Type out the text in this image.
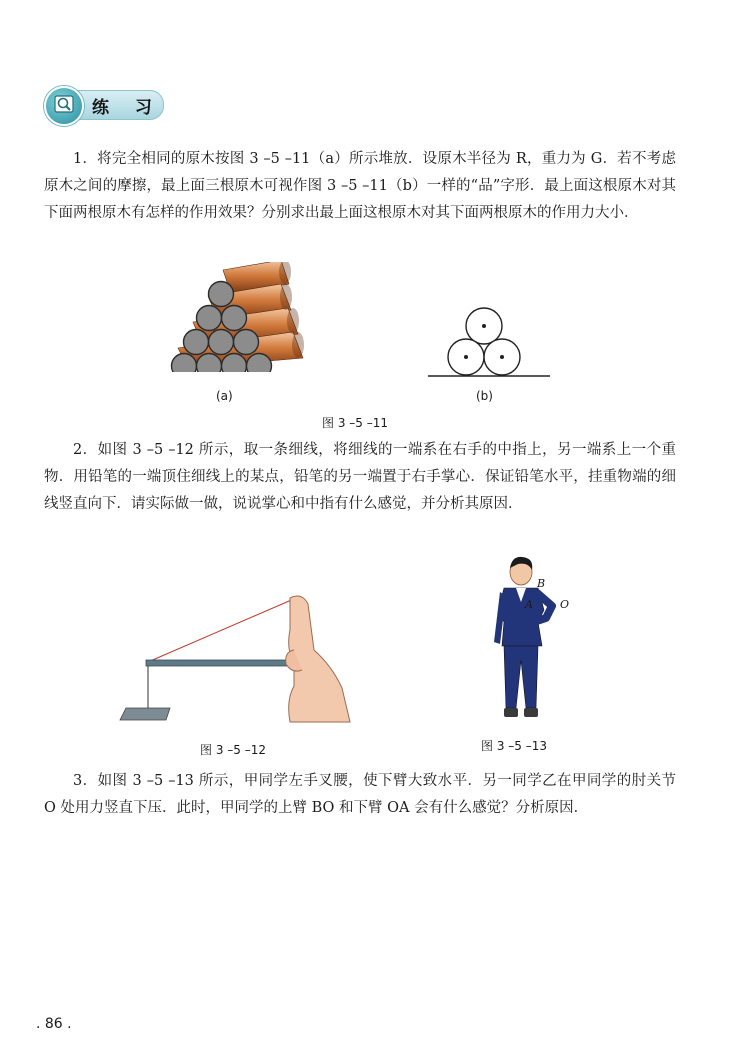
练 习
1．将完全相同的原木按图 3 –5 –11（a）所示堆放．设原木半径为 R，重力为 G．若不考虑原木之间的摩擦，最上面三根原木可视作图 3 –5 –11（b）一样的“品”字形．最上面这根原木对其下面两根原木有怎样的作用效果？分别求出最上面这根原木对其下面两根原木的作用力大小．
(a)	(b)
图 3 –5 –11
2．如图 3 –5 –12 所示，取一条细线，将细线的一端系在右手的中指上，另一端系上一个重物．用铅笔的一端顶住细线上的某点，铅笔的另一端置于右手掌心．保证铅笔水平，挂重物端的细线竖直向下．请实际做一做，说说掌心和中指有什么感觉，并分析其原因．
图 3 –5 –12
A
B
O
图 3 –5 –13
3．如图 3 –5 –13 所示，甲同学左手叉腰，使下臂大致水平．另一同学乙在甲同学的肘关节 O 处用力竖直下压．此时，甲同学的上臂 BO 和下臂 OA 会有什么感觉？分析原因．
. 86 .
